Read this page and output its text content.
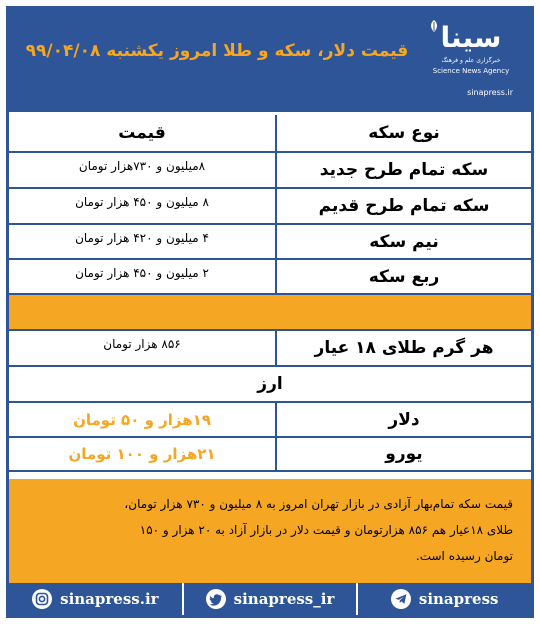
قیمت دلار، سکه و طلا امروز یکشنبه ۹۹/۰۴/۰۸	سینا
خبرگزاری علم و فرهنگ
Science News Agency
sinapress.ir
نوع سکه
قیمت
سکه تمام طرح جدید
۸میلیون و ۷۳۰هزار تومان
سکه تمام طرح قدیم
۸ میلیون و ۴۵۰ هزار تومان
نیم سکه
۴ میلیون و ۴۲۰ هزار تومان
ربع سکه
۲ میلیون و ۴۵۰ هزار تومان
هر گرم طلای ۱۸ عیار
۸۵۶ هزار تومان
ارز
دلار
۱۹هزار و ۵۰ تومان
یورو
۲۱هزار و ۱۰۰ تومان
قیمت سکه تمام‌بهار آزادی در بازار تهران امروز به ۸ میلیون و ۷۳۰ هزار تومان،
طلای ۱۸عیار هم ۸۵۶ هزارتومان و قیمت دلار در بازار آزاد به ۲۰ هزار و ۱۵۰
تومان رسیده است.
sinapress.ir	sinapress_ir	sinapress
